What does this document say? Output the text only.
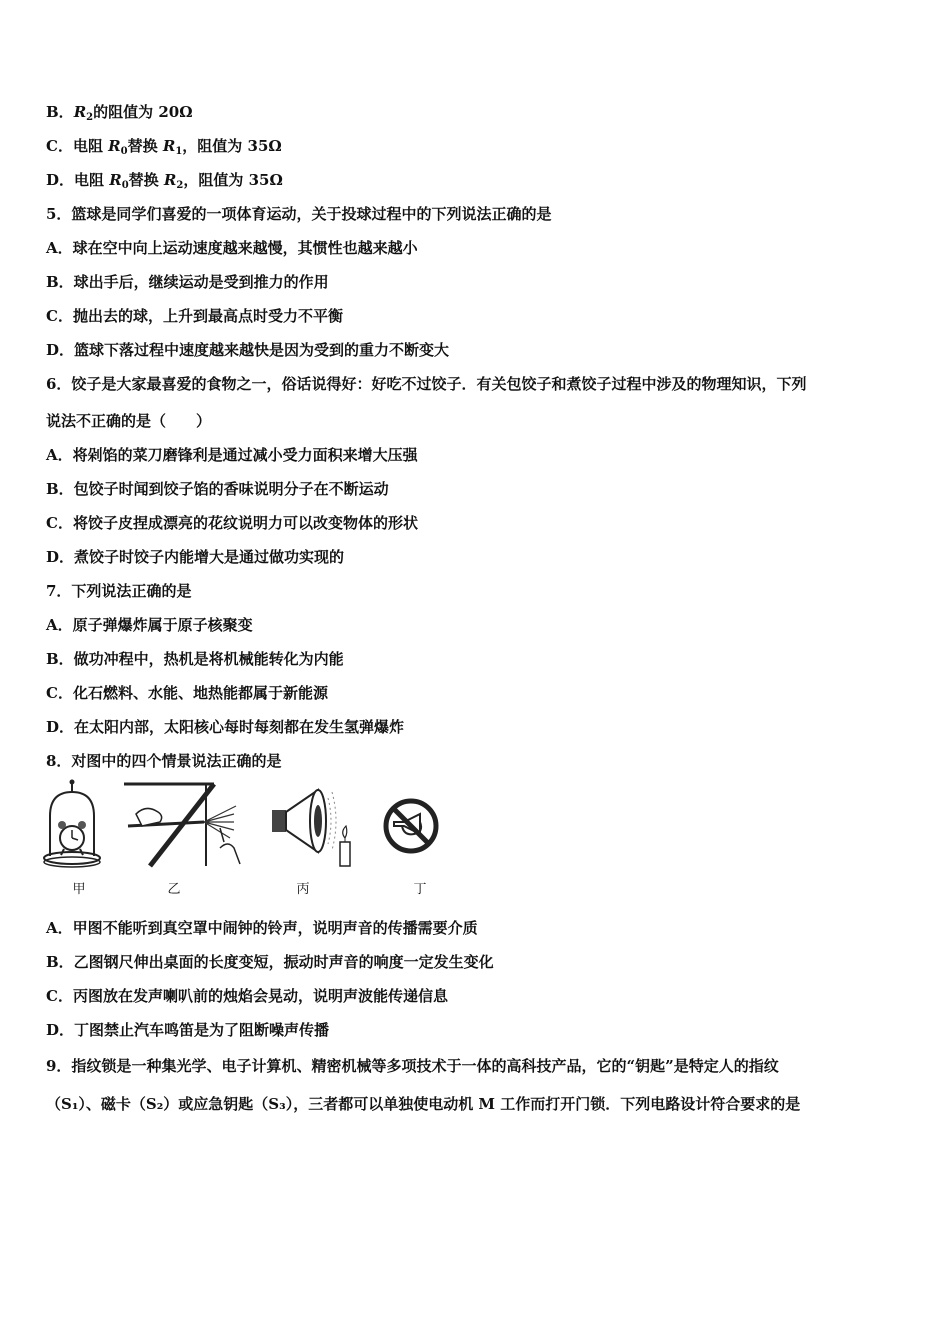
B．$R_2$的阻值为 20Ω
C．电阻 $R_0$替换 $R_1$，阻值为 35Ω
D．电阻 $R_0$替换 $R_2$，阻值为 35Ω
5．篮球是同学们喜爱的一项体育运动，关于投球过程中的下列说法正确的是
A．球在空中向上运动速度越来越慢，其惯性也越来越小
B．球出手后，继续运动是受到推力的作用
C．抛出去的球，上升到最高点时受力不平衡
D．篮球下落过程中速度越来越快是因为受到的重力不断变大
6．饺子是大家最喜爱的食物之一，俗话说得好：好吃不过饺子．有关包饺子和煮饺子过程中涉及的物理知识，下列
说法不正确的是（　　）
A．将剁馅的菜刀磨锋利是通过减小受力面积来增大压强
B．包饺子时闻到饺子馅的香味说明分子在不断运动
C．将饺子皮捏成漂亮的花纹说明力可以改变物体的形状
D．煮饺子时饺子内能增大是通过做功实现的
7．下列说法正确的是
A．原子弹爆炸属于原子核聚变
B．做功冲程中，热机是将机械能转化为内能
C．化石燃料、水能、地热能都属于新能源
D．在太阳内部，太阳核心每时每刻都在发生氢弹爆炸
8．对图中的四个情景说法正确的是
甲	乙	丙	丁
A．甲图不能听到真空罩中闹钟的铃声，说明声音的传播需要介质
B．乙图钢尺伸出桌面的长度变短，振动时声音的响度一定发生变化
C．丙图放在发声喇叭前的烛焰会晃动，说明声波能传递信息
D．丁图禁止汽车鸣笛是为了阻断噪声传播
9．指纹锁是一种集光学、电子计算机、精密机械等多项技术于一体的高科技产品，它的“钥匙”是特定人的指纹
（S₁）、磁卡（S₂）或应急钥匙（S₃），三者都可以单独使电动机 M 工作而打开门锁．下列电路设计符合要求的是
